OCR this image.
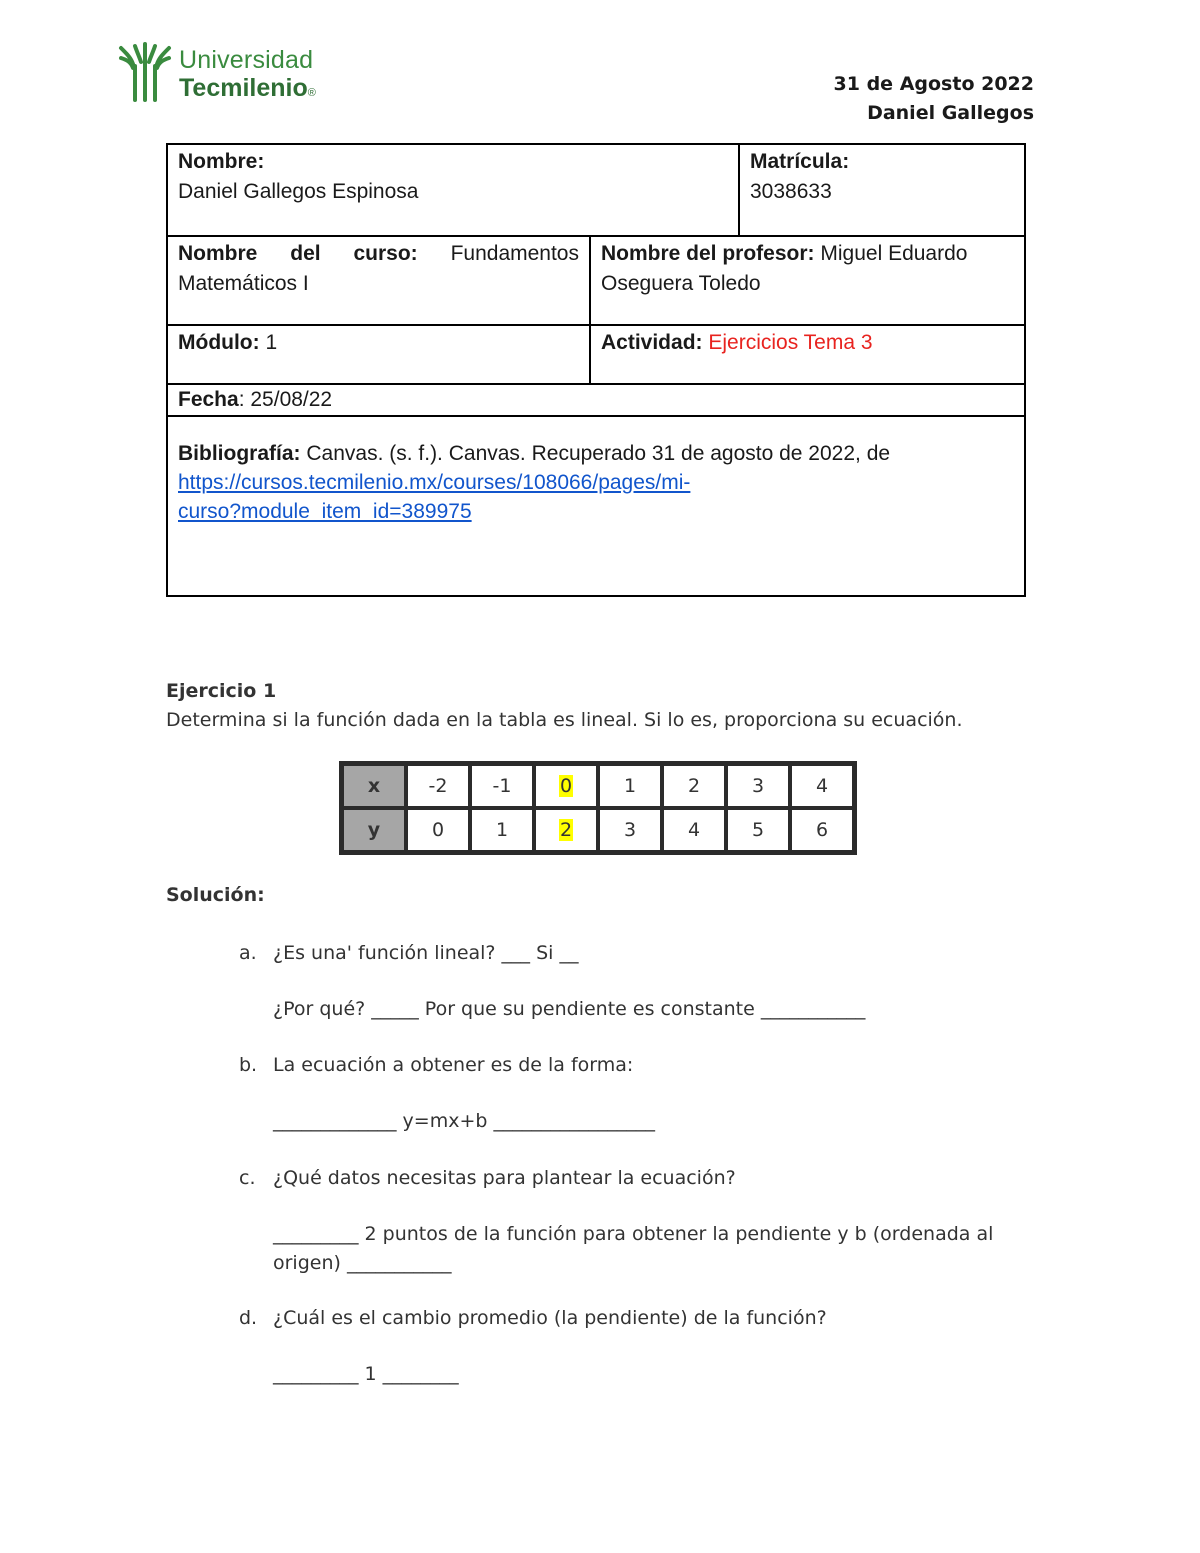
Universidad
Tecmilenio®	31 de Agosto 2022
Daniel Gallegos
Nombre:
Daniel Gallegos Espinosa
Matrícula:
3038633
Nombre del curso: Fundamentos Matemáticos I
Nombre del profesor: Miguel Eduardo Oseguera Toledo
Módulo: 1	Actividad: Ejercicios Tema 3
Fecha: 25/08/22
Bibliografía: Canvas. (s. f.). Canvas. Recuperado 31 de agosto de 2022, de
https://cursos.tecmilenio.mx/courses/108066/pages/mi-
curso?module_item_id=389975
Ejercicio 1
Determina si la función dada en la tabla es lineal. Si lo es, proporciona su ecuación.
x	-2	-1	0	1	2	3	4
y	0	1	2	3	4	5	6
Solución:
a. ¿Es una' función lineal? ___ Si __
¿Por qué? _____ Por que su pendiente es constante ___________
b. La ecuación a obtener es de la forma:
_____________ y=mx+b _________________
c. ¿Qué datos necesitas para plantear la ecuación?
_________ 2 puntos de la función para obtener la pendiente y b (ordenada al origen) ___________
d. ¿Cuál es el cambio promedio (la pendiente) de la función?
_________ 1 ________
